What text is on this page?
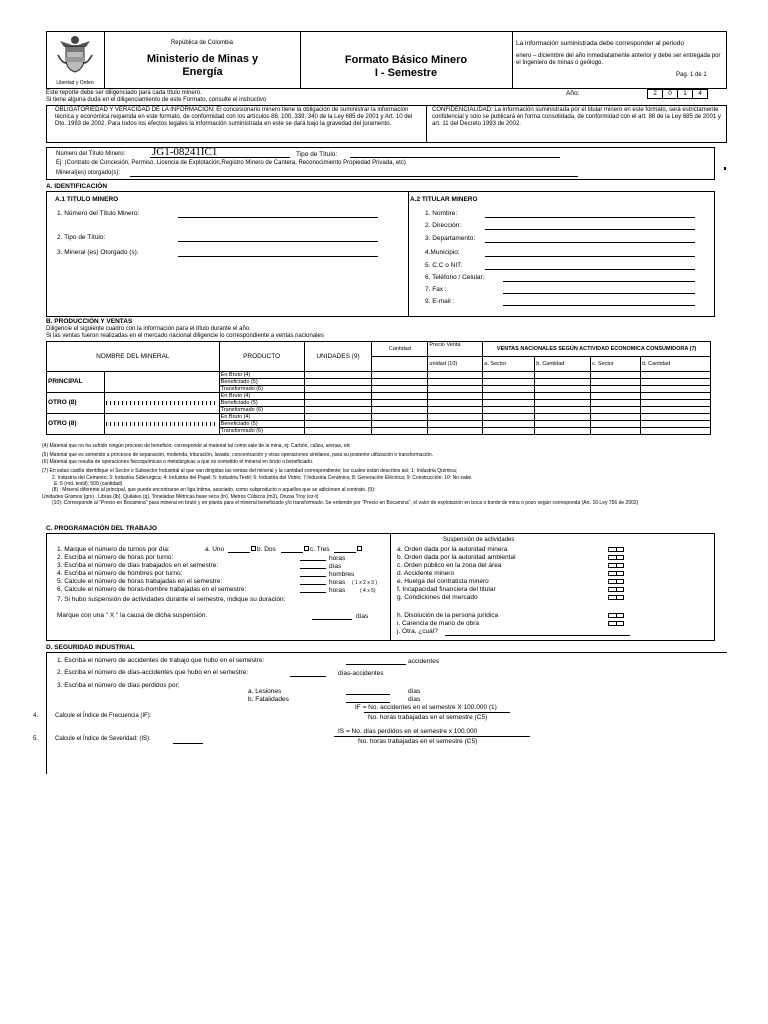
Libertad y Orden
República de Colombia
Ministerio de Minas y Energía
Formato Básico Minero
I - Semestre
La información suministrada debe corresponder al periodo
enero – diciembre del año inmediatamente anterior y debe ser entregada por el Ingeniero de minas o geólogo.
Pag. 1 de 1
Este reporte debe ser diligenciado para cada título minero.
Si tiene alguna duda en el diligenciamiento de este Formato, consulte el instructivo
Año:	2	0	1	4
OBLIGATORIEDAD Y VERACIDAD DE LA INFORMACIÓN: El concesionario minero tiene la obligación de suministrar la información técnica y económica requerida en este formato, de conformidad con los artículos 88, 100, 339, 340 de la Ley 685 de 2001 y Art. 10 del Dto. 1993 de 2002. Para todos los efectos legales la información suministrada en este se dará bajo la gravedad del juramento.
CONFIDENCIALIDAD: La información suministrada por el titular minero en este formato, será estrictamente confidencial y sólo se publicará en forma consolidada, de conformidad con el art. 88 de la Ley 685 de 2001 y art. 11 del Decreto 1993 de 2002.
Número del Título Minero: JG1-08241IC1	Tipo de Título:
Ej: (Contrato de Concesión, Permiso, Licencia de Explotación,Registro Minero de Cantera, Reconocimiento Propiedad Privada, etc)
Mineral(es) otorgado(s):
A. IDENTIFICACIÓN
A.1 TITULO MINERO
1. Número del Título Minero:
2. Tipo de Título:
3. Mineral (es) Otorgado (s):
A.2 TITULAR MINERO
1. Nombre:
2. Dirección:
3. Departamento:
4.Municipio:
5. C.C o NIT:
6. Teléfono / Celular:
7. Fax :
9. E-mail :
B. PRODUCCIÓN Y VENTAS
Diligencie el siguiente cuadro con la información para el título durante el año.
Si las ventas fueron realizadas en el mercado nacional diligencie lo correspondiente a ventas nacionales
NOMBRE DEL MINERAL		PRODUCTO	UNIDADES (9)	Cantidad	Precio Venta	VENTAS NACIONALES SEGÚN ACTIVIDAD ECONOMICA CONSUMIDORA (7)			

					unidad (10)	a. Sector	b. Cantidad	c. Sector	d. Cantidad
PRINCIPAL		En Bruto (4)							
		Beneficiado (5)							
		Transformado (6)							
OTRO (8)		En Bruto (4)							
		Beneficiado (5)							
		Transformado (6)							
OTRO (8)		En Bruto (4)							
		Beneficiado (5)							
		Transformado (6)							
(4) Material que no ha sufrido ningún proceso de beneficio; corresponde al material tal como sale de la mina, ej: Carbón, caliza, arenas, etc
(5) Material que es sometido a procesos de separación, molienda, trituración, lavado, concentración y otras operaciones similares, para su posterior utilización o transformación.
(6) Material que resulta de operaciones fisicoquímicas o metalúrgicas a que es sometido el mineral en bruto o beneficiado.
(7) En estas casilla identifique el Sector o Subsector Industrial al que van dirigidas las ventas del mineral y la cantidad correspondiente; los cuales están descritos así: 1: Industria Química;
2. Industria del Cemento; 3: Industria Siderurgica; 4: Industria del Papel; 5: Industria Textil; 6: Industria del Vidrio; 7:Industria Cerámica; 8: Generación Eléctrica; 9: Construcción: 10: No sabe.
E: 5 (md. textil); 500 (cantidad)
(8) : Mineral diferente al principal, que puede encontrarse en liga íntima, asociado, como subproducto o aquellos que se adicionen al contrato. (9):
Unidades Gramos (grs) , Libras (lb), Quilates (q), Toneladas Métricas base seca (tn), Metros Cúbicos (m3), Onzas Troy (oz-t)
(10): Corresponde al "Precio en Bocamina" para mineral en bruto y en planta para el mineral beneficiado y/o transformado. Se entiende por "Precio en Bocamina", el valor de explotación en boca o borde de mina o pozo según corresponda (Art. 16 Ley 756 de 2002)
C. PROGRAMACIÓN DEL TRABAJO
1. Marque el número de turnos por día:	a. Uno	b. Dos	c. Tres
2. Escriba el número de horas por turno:	horas
3. Escriba el número de días trabajados en el semestre:	días
4. Escriba el número de hombres por turno:	hombres
5. Calcule el número de horas trabajadas en el semestre:	horas ( 1 x 2 x 3 )
6. Calcule el número de horas-hombre trabajadas en el semestre:	horas	( 4 x 5)
7. Si hubo suspensión de actividades durante el semestre, indique su duración:
Marque con una " X " la causa de dicha suspensión.	días
Suspensión de actividades
a. Orden dada por la autoridad minera
b. Orden dada por la autoridad ambiental
c. Orden público en la zona del área
d. Accidente minero
e. Huelga del contratista minero
f. Incapacidad financiera del titular
g. Condiciones del mercado
h. Disolución de la persona jurídica
i. Carencia de mano de obra
j. Otra, ¿cuál?
D. SEGURIDAD INDUSTRIAL
1. Escriba el número de accidentes de trabajo que hubo en el semestre:	accidentes
2. Escriba el número de días-accidentes que hubo en el semestre:	días-accidentes
3. Escriba el número de días perdidos por:
a. Lesiones	días
b. Fatalidades	días
4.	Calcule el Índice de Frecuencia (IF):
IF = No. accidentes en el semestre X 100.000 (1)
No. horas trabajadas en el semestre (C5)
5.	Calcule el Índice de Severidad: (IS):
IS = No. días perdidos en el semestre x 100.000
No. horas trabajadas en el semestre (C5)
